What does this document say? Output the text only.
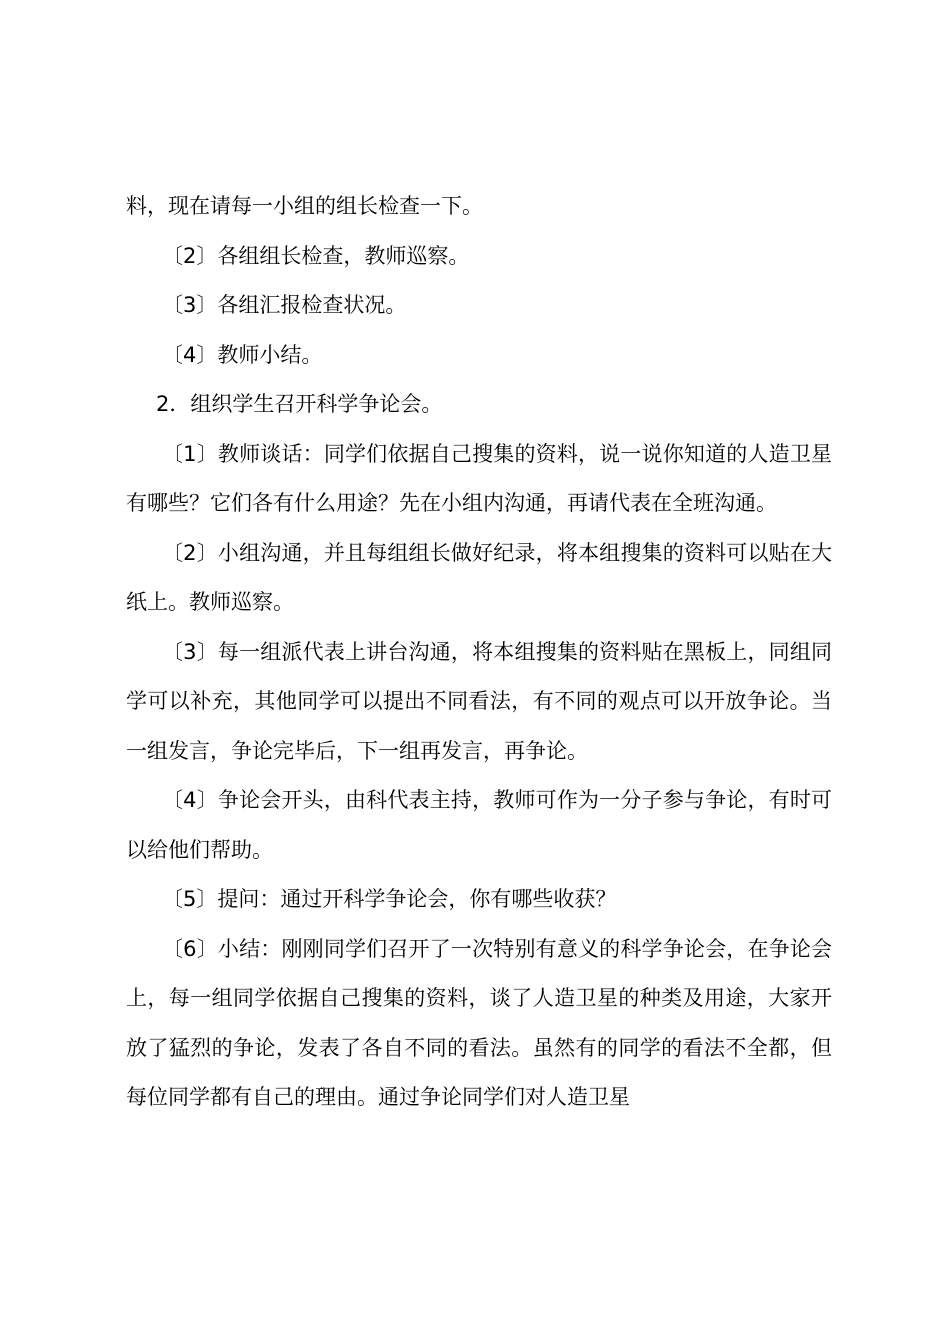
料，现在请每一小组的组长检查一下。

〔2〕各组组长检查，教师巡察。

〔3〕各组汇报检查状况。

〔4〕教师小结。

2．组织学生召开科学争论会。

〔1〕教师谈话：同学们依据自己搜集的资料，说一说你知道的人造卫星有哪些？它们各有什么用途？先在小组内沟通，再请代表在全班沟通。

〔2〕小组沟通，并且每组组长做好纪录，将本组搜集的资料可以贴在大纸上。教师巡察。

〔3〕每一组派代表上讲台沟通，将本组搜集的资料贴在黑板上，同组同学可以补充，其他同学可以提出不同看法，有不同的观点可以开放争论。当一组发言，争论完毕后，下一组再发言，再争论。

〔4〕争论会开头，由科代表主持，教师可作为一分子参与争论，有时可以给他们帮助。

〔5〕提问：通过开科学争论会，你有哪些收获？

〔6〕小结：刚刚同学们召开了一次特别有意义的科学争论会，在争论会上，每一组同学依据自己搜集的资料，谈了人造卫星的种类及用途，大家开放了猛烈的争论，发表了各自不同的看法。虽然有的同学的看法不全都，但每位同学都有自己的理由。通过争论同学们对人造卫星
